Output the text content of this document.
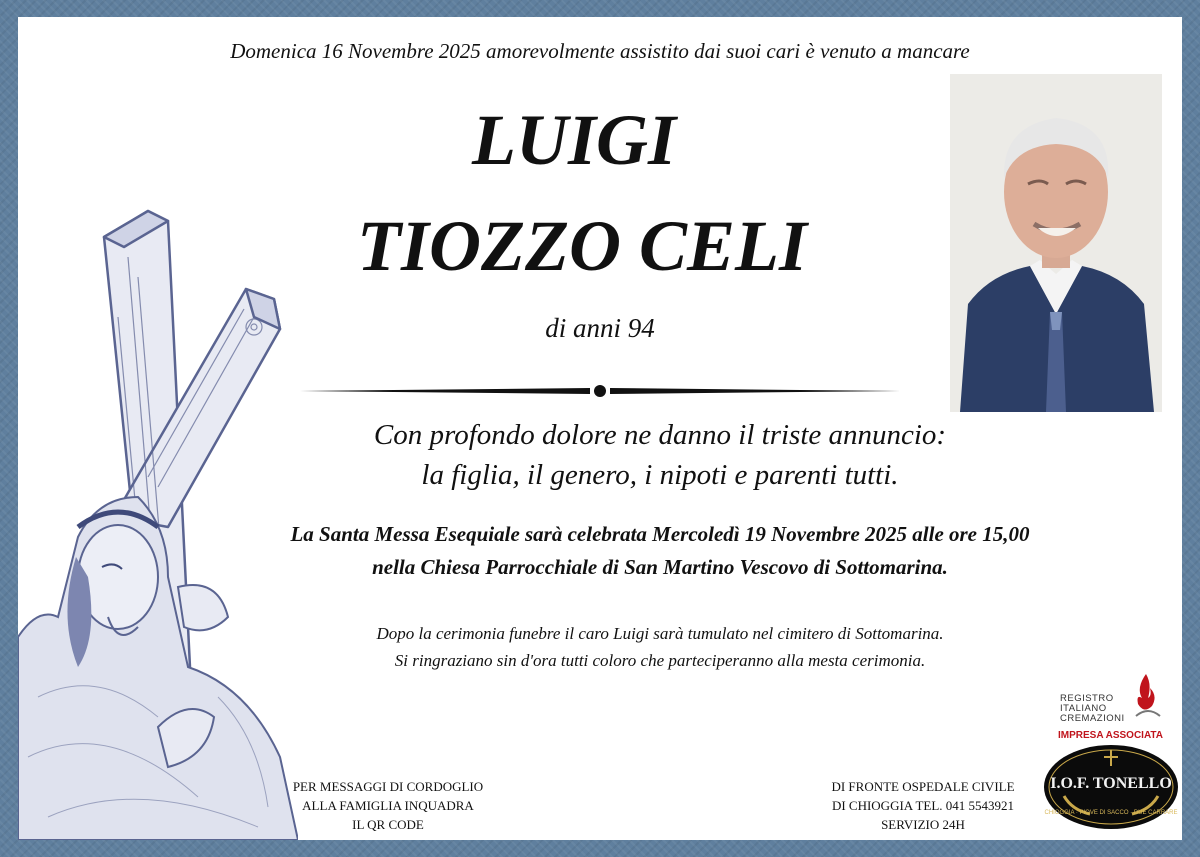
Domenica 16 Novembre 2025 amorevolmente assistito dai suoi cari è venuto a mancare

LUIGI

TIOZZO CELI

di anni 94

Con profondo dolore ne danno il triste annuncio:

la figlia, il genero, i nipoti e parenti tutti.

La Santa Messa Esequiale sarà celebrata Mercoledì 19 Novembre 2025 alle ore 15,00

nella Chiesa Parrocchiale di San Martino Vescovo di Sottomarina.

Dopo la cerimonia funebre il caro Luigi sarà tumulato nel cimitero di Sottomarina.

Si ringraziano sin d'ora tutti coloro che parteciperanno alla mesta cerimonia.

PER MESSAGGI DI CORDOGLIO
ALLA FAMIGLIA INQUADRA
IL QR CODE
DI FRONTE OSPEDALE CIVILE
DI CHIOGGIA TEL. 041 5543921
SERVIZIO 24H
REGISTRO
ITALIANO
CREMAZIONI
IMPRESA ASSOCIATA
I.O.F. TONELLO
CHIOGGIA · PIOVE DI SACCO · DUE CARRARE
